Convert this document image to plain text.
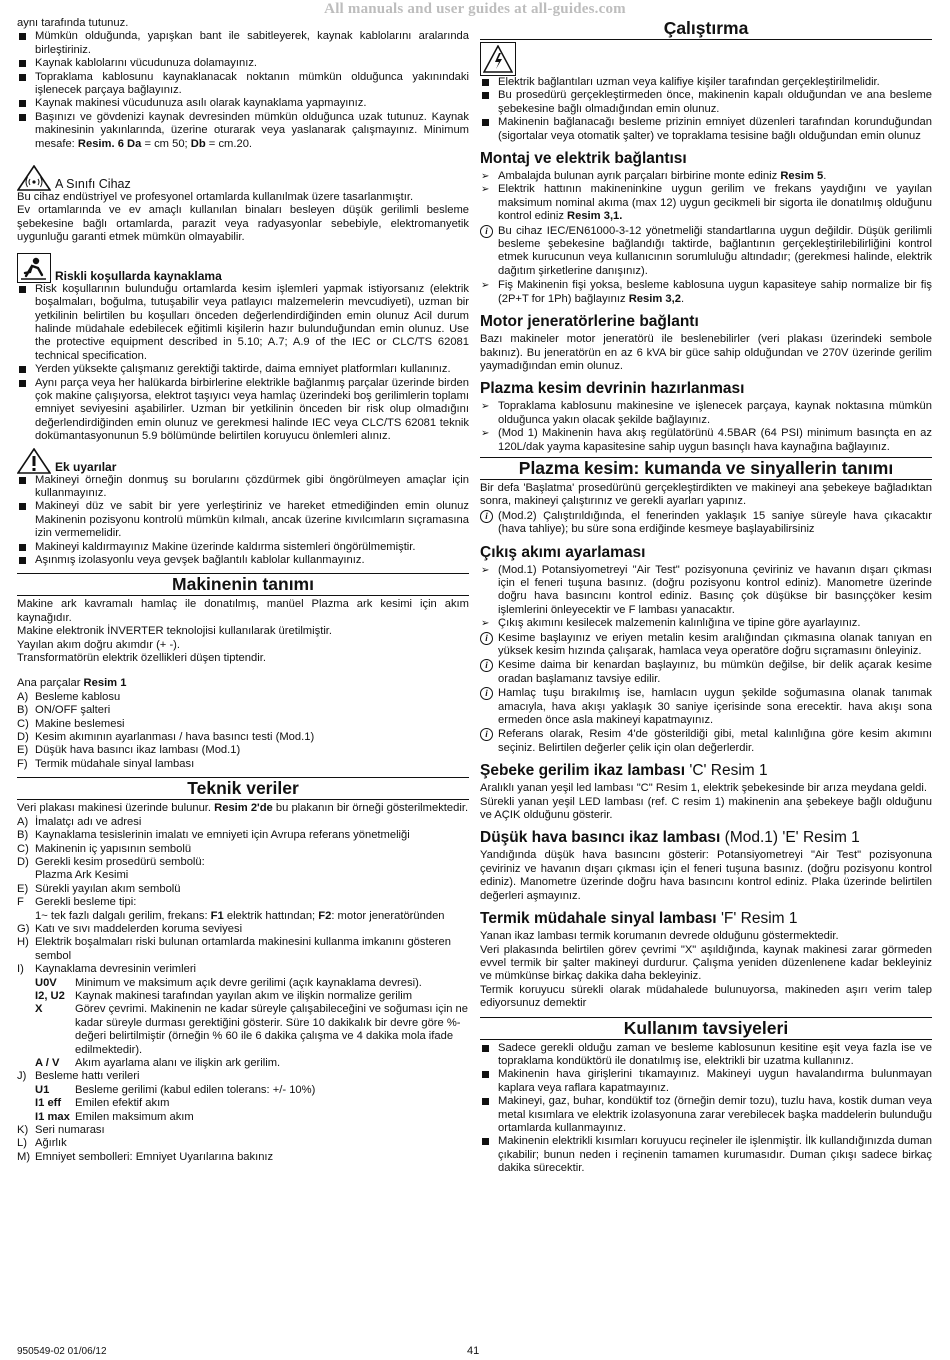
All manuals and user guides at all-guides.com

aynı tarafında tutunuz.

Mümkün olduğunda, yapışkan bant ile sabitleyerek, kaynak kablolarını aralarında birleştiriniz.
Kaynak kablolarını vücudunuza dolamayınız.
Topraklama kablosunu kaynaklanacak noktanın mümkün olduğunca yakınındaki işlenecek parçaya bağlayınız.
Kaynak makinesi vücudunuza asılı olarak kaynaklama yapmayınız.
Başınızı ve gövdenizi kaynak devresinden mümkün olduğunca uzak tutunuz. Kaynak makinesinin yakınlarında, üzerine oturarak veya yaslanarak çalışmayınız. Minimum mesafe: Resim. 6 Da = cm 50; Db = cm.20.
A Sınıfı Cihaz

Bu cihaz endüstriyel ve profesyonel ortamlarda kullanılmak üzere tasarlanmıştır.

Ev ortamlarında ve ev amaçlı kullanılan binaları besleyen düşük gerilimli besleme şebekesine bağlı ortamlarda, parazit veya radyasyonlar sebebiyle, elektromanyetik uygunluğu garanti etmek mümkün olmayabilir.

Riskli koşullarda kaynaklama
Risk koşullarının bulunduğu ortamlarda kesim işlemleri yapmak istiyorsanız (elektrik boşalmaları, boğulma, tutuşabilir veya patlayıcı malzemelerin mevcudiyeti), uzman bir yetkilinin belirtilen bu koşulları önceden değerlendirdiğinden emin olunuz Acil durum halinde müdahale edebilecek eğitimli kişilerin hazır bulunduğundan emin olunuz. Use the protective equipment described in 5.10; A.7; A.9 of the IEC or CLC/TS 62081 technical specification.
Yerden yüksekte çalışmanız gerektiği taktirde, daima emniyet platformları kullanınız.
Aynı parça veya her halükarda birbirlerine elektrikle bağlanmış parçalar üzerinde birden çok makine çalışıyorsa, elektrot taşıyıcı veya hamlaç üzerindeki boş gerilimlerin toplamı emniyet seviyesini aşabilirler. Uzman bir yetkilinin önceden bir risk olup olmadığını değerlendirdiğinden emin olunuz ve gerekmesi halinde IEC veya CLC/TS 62081 teknik dokümantasyonunun 5.9 bölümünde belirtilen koruyucu önlemleri alınız.
Ek uyarılar
Makineyi örneğin donmuş su borularını çözdürmek gibi öngörülmeyen amaçlar için kullanmayınız.
Makineyi düz ve sabit bir yere yerleştiriniz ve hareket etmediğinden emin olunuz Makinenin pozisyonu kontrolü mümkün kılmalı, ancak üzerine kıvılcımların sıçramasına izin vermemelidir.
Makineyi kaldırmayınız Makine üzerinde kaldırma sistemleri öngörülmemiştir.
Aşınmış izolasyonlu veya gevşek bağlantılı kablolar kullanmayınız.
Makinenin tanımı

Makine ark kavramalı hamlaç ile donatılmış, manüel Plazma ark kesimi için akım kaynağıdır.

Makine elektronik İNVERTER teknolojisi kullanılarak üretilmiştir.

Yayılan akım doğru akımdır (+ -).

Transformatörün elektrik özellikleri düşen tiptendir.

Ana parçalar Resim 1

A) Besleme kablosu
B) ON/OFF şalteri
C) Makine beslemesi
D) Kesim akımının ayarlanması / hava basıncı testi (Mod.1)
E) Düşük hava basıncı ikaz lambası (Mod.1)
F) Termik müdahale sinyal lambası
Teknik veriler

Veri plakası makinesi üzerinde bulunur. Resim 2'de bu plakanın bir örneği gösterilmektedir.

A) İmalatçı adı ve adresi
B) Kaynaklama tesislerinin imalatı ve emniyeti için Avrupa referans yönetmeliği
C) Makinenin iç yapısının sembolü
D) Gerekli kesim prosedürü sembolü:
Plazma Ark Kesimi
E) Sürekli yayılan akım sembolü
F Gerekli besleme tipi:
1~ tek fazlı dalgalı gerilim, frekans: F1 elektrik hattından; F2: motor jeneratöründen
G) Katı ve sıvı maddelerden koruma seviyesi
H) Elektrik boşalmaları riski bulunan ortamlarda makinesini kullanma imkanını gösteren sembol
I) Kaynaklama devresinin verimleri
U0V	Minimum ve maksimum açık devre gerilimi (açık kaynaklama devresi).
I2, U2 Kaynak makinesi tarafından yayılan akım ve ilişkin normalize gerilim
X	Görev çevrimi. Makinenin ne kadar süreyle çalışabileceğini ve soğuması için ne kadar süreyle durması gerektiğini gösterir. Süre 10 dakikalık bir devre göre %-değeri belirtilmiştir (örneğin % 60 ile 6 dakika çalışma ve 4 dakika mola ifade edilmektedir).
A / V	Akım ayarlama alanı ve ilişkin ark gerilim.
J) Besleme hattı verileri
U1	Besleme gerilimi (kabul edilen tolerans: +/- 10%)
I1 eff	Emilen efektif akım
I1 max Emilen maksimum akım
K) Seri numarası
L) Ağırlık
M) Emniyet sembolleri: Emniyet Uyarılarına bakınız
Çalıştırma
Elektrik bağlantıları uzman veya kalifiye kişiler tarafından gerçekleştirilmelidir.
Bu prosedürü gerçekleştirmeden önce, makinenin kapalı olduğundan ve ana besleme şebekesine bağlı olmadığından emin olunuz.
Makinenin bağlanacağı besleme prizinin emniyet düzenleri tarafından korunduğundan (sigortalar veya otomatik şalter) ve topraklama tesisine bağlı olduğundan emin olunuz
Montaj ve elektrik bağlantısı
➢ Ambalajda bulunan ayrık parçaları birbirine monte ediniz Resim 5.
➢ Elektrik hattının makineninkine uygun gerilim ve frekans yaydığını ve yayılan maksimum nominal akıma (max 12) uygun gecikmeli bir sigorta ile donatılmış olduğunu kontrol ediniz Resim 3,1.
i Bu cihaz IEC/EN61000-3-12 yönetmeliği standartlarına uygun değildir. Düşük gerilimli besleme şebekesine bağlandığı taktirde, bağlantının gerçekleştirilebilirliğini kontrol etmek kurucunun veya kullanıcının sorumluluğu altındadır; (gerekmesi halinde, elektrik dağıtım şirketlerine danışınız).
➢ Fiş Makinenin fişi yoksa, besleme kablosuna uygun kapasiteye sahip normalize bir fiş (2P+T for 1Ph) bağlayınız Resim 3,2.
Motor jeneratörlerine bağlantı

Bazı makineler motor jeneratörü ile beslenebilirler (veri plakası üzerindeki sembole bakınız). Bu jeneratörün en az 6 kVA bir güce sahip olduğundan ve 270V üzerinde gerilim yaymadığından emin olunuz.

Plazma kesim devrinin hazırlanması
➢ Topraklama kablosunu makinesine ve işlenecek parçaya, kaynak noktasına mümkün olduğunca yakın olacak şekilde bağlayınız.
➢ (Mod 1) Makinenin hava akış regülatörünü 4.5BAR (64 PSI) minimum basınçta en az 120L/dak yayma kapasitesine sahip uygun basınçlı hava kaynağına bağlayınız.
Plazma kesim: kumanda ve sinyallerin tanımı

Bir defa 'Başlatma' prosedürünü gerçekleştirdikten ve makineyi ana şebekeye bağladıktan sonra, makineyi çalıştırınız ve gerekli ayarları yapınız.

i (Mod.2) Çalıştırıldığında, el fenerinden yaklaşık 15 saniye süreyle hava çıkacaktır (hava tahliye); bu süre sona erdiğinde kesmeye başlayabilirsiniz
Çıkış akımı ayarlaması
➢ (Mod.1) Potansiyometreyi "Air Test" pozisyonuna çeviriniz ve havanın dışarı çıkması için el feneri tuşuna basınız. (doğru pozisyonu kontrol ediniz). Manometre üzerinde doğru hava basıncını kontrol ediniz. Basınç çok düşükse bir basınççöker kesim işlemlerini önleyecektir ve F lambası yanacaktır.
➢ Çıkış akımını kesilecek malzemenin kalınlığına ve tipine göre ayarlayınız.
i Kesime başlayınız ve eriyen metalin kesim aralığından çıkmasına olanak tanıyan en yüksek kesim hızında çalışarak, hamlaca veya operatöre doğru sıçramasını önleyiniz.
i Kesime daima bir kenardan başlayınız, bu mümkün değilse, bir delik açarak kesime oradan başlamanız tavsiye edilir.
i Hamlaç tuşu bırakılmış ise, hamlacın uygun şekilde soğumasına olanak tanımak amacıyla, hava akışı yaklaşık 30 saniye içerisinde sona erecektir. hava akışı sona ermeden önce asla makineyi kapatmayınız.
i Referans olarak, Resim 4'de gösterildiği gibi, metal kalınlığına göre kesim akımını seçiniz. Belirtilen değerler çelik için olan değerlerdir.
Şebeke gerilim ikaz lambası 'C' Resim 1

Aralıklı yanan yeşil led lambası "C" Resim 1, elektrik şebekesinde bir arıza meydana geldi.

Sürekli yanan yeşil LED lambası (ref. C resim 1) makinenin ana şebekeye bağlı olduğunu ve AÇIK olduğunu gösterir.

Düşük hava basıncı ikaz lambası (Mod.1) 'E' Resim 1

Yandığında düşük hava basıncını gösterir: Potansiyometreyi "Air Test" pozisyonuna çeviriniz ve havanın dışarı çıkması için el feneri tuşuna basınız. (doğru pozisyonu kontrol ediniz). Manometre üzerinde doğru hava basıncını kontrol ediniz. Plaka üzerinde belirtilen değerleri aşmayınız.

Termik müdahale sinyal lambası 'F' Resim 1

Yanan ikaz lambası termik korumanın devrede olduğunu göstermektedir.

Veri plakasında belirtilen görev çevrimi "X" aşıldığında, kaynak makinesi zarar görmeden evvel termik bir şalter makineyi durdurur. Çalışma yeniden düzenlenene kadar bekleyiniz ve mümkünse birkaç dakika daha bekleyiniz.

Termik koruyucu sürekli olarak müdahalede bulunuyorsa, makineden aşırı verim talep ediyorsunuz demektir

Kullanım tavsiyeleri
Sadece gerekli olduğu zaman ve besleme kablosunun kesitine eşit veya fazla ise ve topraklama kondüktörü ile donatılmış ise, elektrikli bir uzatma kullanınız.
Makinenin hava girişlerini tıkamayınız. Makineyi uygun havalandırma bulunmayan kaplara veya raflara kapatmayınız.
Makineyi, gaz, buhar, kondüktif toz (örneğin demir tozu), tuzlu hava, kostik duman veya metal kısımlara ve elektrik izolasyonuna zarar verebilecek başka maddelerin bulunduğu ortamlarda kullanmayınız.
Makinenin elektrikli kısımları koruyucu reçineler ile işlenmiştir. İlk kullandığınızda duman çıkabilir; bunun neden i reçinenin tamamen kurumasıdır. Duman çıkışı sadece birkaç dakika sürecektir.
950549-02 01/06/12	41
